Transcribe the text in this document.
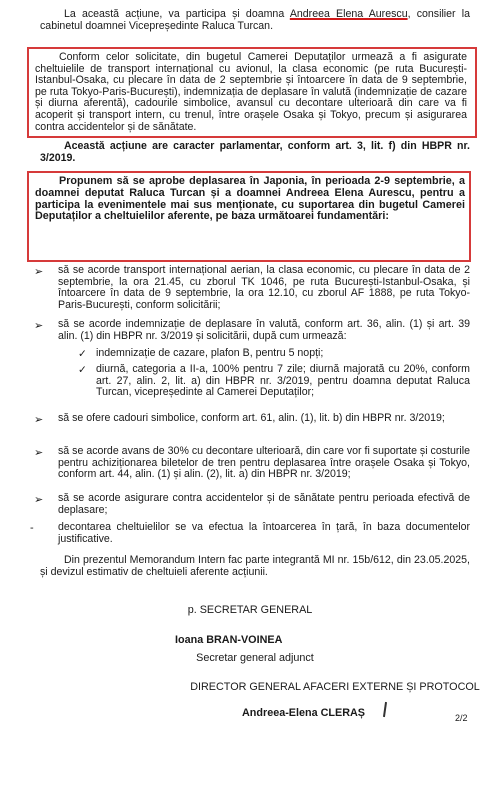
La această acțiune, va participa și doamna Andreea Elena Aurescu, consilier la cabinetul doamnei Vicepreședinte Raluca Turcan.

Conform celor solicitate, din bugetul Camerei Deputaților urmează a fi asigurate cheltuielile de transport internațional cu avionul, la clasa economic (pe ruta București-Istanbul-Osaka, cu plecare în data de 2 septembrie și întoarcere în data de 9 septembrie, pe ruta Tokyo-Paris-București), indemnizația de deplasare în valută (indemnizație de cazare și diurna aferentă), cadourile simbolice, avansul cu decontare ulterioară din care va fi acoperit și transport intern, cu trenul, între orașele Osaka și Tokyo, precum și asigurarea contra accidentelor și de sănătate.

Această acțiune are caracter parlamentar, conform art. 3, lit. f) din HBPR nr. 3/2019.

Propunem să se aprobe deplasarea în Japonia, în perioada 2-9 septembrie, a doamnei deputat Raluca Turcan și a doamnei Andreea Elena Aurescu, pentru a participa la evenimentele mai sus menționate, cu suportarea din bugetul Camerei Deputaților a cheltuielilor aferente, pe baza următoarei fundamentări:

➢ să se acorde transport internațional aerian, la clasa economic, cu plecare în data de 2 septembrie, la ora 21.45, cu zborul TK 1046, pe ruta București-Istanbul-Osaka, și întoarcere în data de 9 septembrie, la ora 12.10, cu zborul AF 1888, pe ruta Tokyo-Paris-București, conform solicitării;

➢ să se acorde indemnizație de deplasare în valută, conform art. 36, alin. (1) și art. 39 alin. (1) din HBPR nr. 3/2019 și solicitării, după cum urmează:

✓ indemnizație de cazare, plafon B, pentru 5 nopți;

✓ diurnă, categoria a II-a, 100% pentru 7 zile; diurnă majorată cu 20%, conform art. 27, alin. 2, lit. a) din HBPR nr. 3/2019, pentru doamna deputat Raluca Turcan, vicepreședinte al Camerei Deputaților;

➢ să se ofere cadouri simbolice, conform art. 61, alin. (1), lit. b) din HBPR nr. 3/2019;

➢ să se acorde avans de 30% cu decontare ulterioară, din care vor fi suportate și costurile pentru achiziționarea biletelor de tren pentru deplasarea între orașele Osaka și Tokyo, conform art. 44, alin. (1) și alin. (2), lit. a) din HBPR nr. 3/2019;

➢ să se acorde asigurare contra accidentelor și de sănătate pentru perioada efectivă de deplasare;

- decontarea cheltuielilor se va efectua la întoarcerea în țară, în baza documentelor justificative.

Din prezentul Memorandum Intern fac parte integrantă MI nr. 15b/612, din 23.05.2025, și devizul estimativ de cheltuieli aferente acțiunii.

p. SECRETAR GENERAL
Ioana BRAN-VOINEA
Secretar general adjunct
DIRECTOR GENERAL AFACERI EXTERNE ȘI PROTOCOL
Andreea-Elena CLERAȘ	2/2
